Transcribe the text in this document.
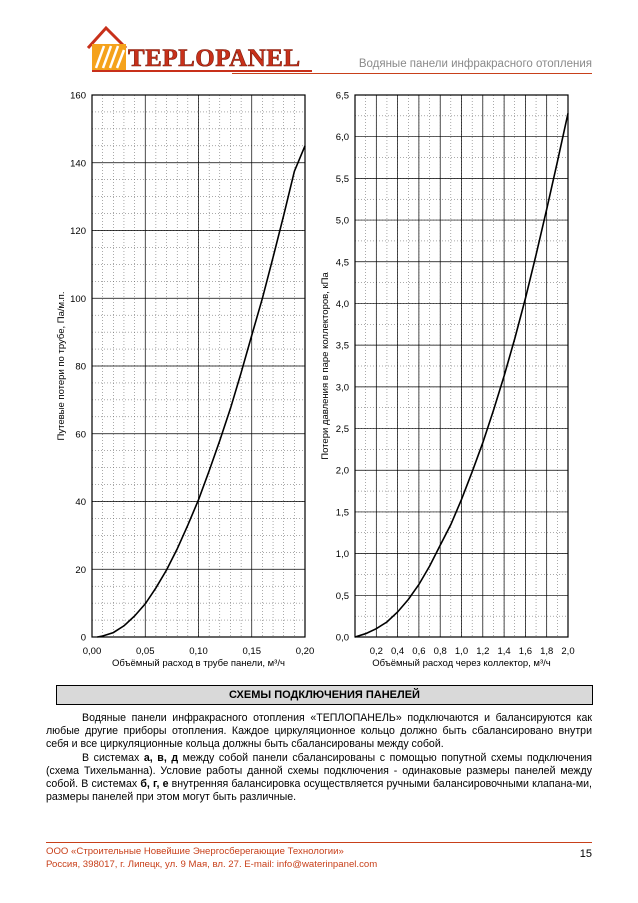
TEPLOPANEL	Водяные панели инфракрасного отопления
0
20
40
60
80
100
120
140
160
0,00	0,05	0,10	0,15	0,20
Объёмный расход в трубе панели, м³/ч
Путевые потери по трубе, Па/м.п.
0,0
0,5
1,0
1,5
2,0
2,5
3,0
3,5
4,0
4,5
5,0
5,5
6,0
6,5
0,2 0,4 0,6 0,8 1,0 1,2 1,4 1,6 1,8 2,0
Объёмный расход через коллектор, м³/ч
Потери давления в паре коллекторов, кПа
СХЕМЫ ПОДКЛЮЧЕНИЯ ПАНЕЛЕЙ

Водяные панели инфракрасного отопления «ТЕПЛОПАНЕЛЬ» подключаются и балансируются как любые другие приборы отопления. Каждое циркуляционное кольцо должно быть сбалансировано внутри себя и все циркуляционные кольца должны быть сбалансированы между собой.

В системах а, в, д между собой панели сбалансированы с помощью попутной схемы подключения (схема Тихельманна). Условие работы данной схемы подключения - одинаковые размеры панелей между собой. В системах б, г, е внутренняя балансировка осуществляется ручными балансировочными клапана-ми, размеры панелей при этом могут быть различные.

ООО «Строительные Новейшие Энергосберегающие Технологии»
Россия, 398017, г. Липецк, ул. 9 Мая, вл. 27. E-mail: info@waterinpanel.com
15
